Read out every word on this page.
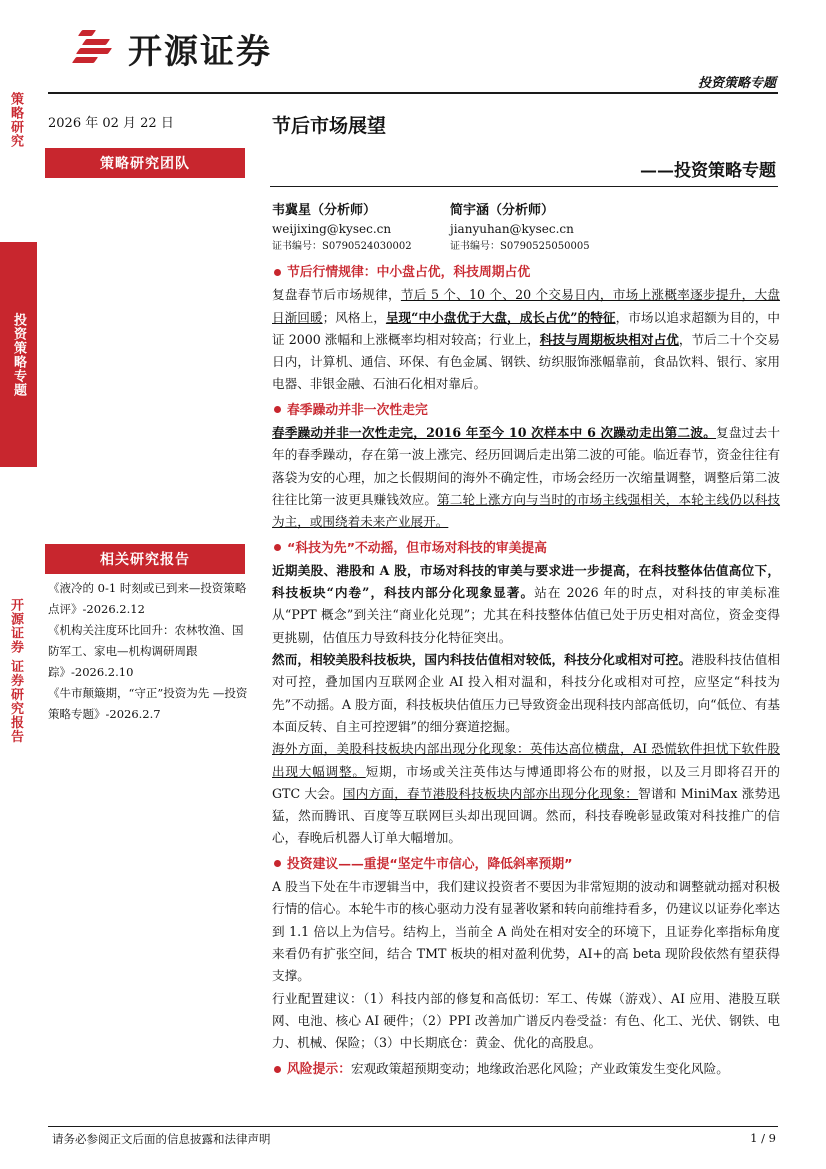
开源证券
投资策略专题
策略研究
投资策略专题
开源证券 证券研究报告
2026 年 02 月 22 日
策略研究团队
相关研究报告
《液冷的 0-1 时刻或已到来—投资策略点评》-2026.2.12
《机构关注度环比回升：农林牧渔、国防军工、家电—机构调研周跟踪》-2026.2.10
《牛市颠簸期，“守正”投资为先 —投资策略专题》-2026.2.7
节后市场展望
——投资策略专题
韦冀星（分析师）
weijixing@kysec.cn
证书编号：S0790524030002
简宇涵（分析师）
jianyuhan@kysec.cn
证书编号：S0790525050005
节后行情规律：中小盘占优，科技周期占优
复盘春节后市场规律，节后 5 个、10 个、20 个交易日内，市场上涨概率逐步提升，大盘日渐回暖；风格上，呈现“中小盘优于大盘，成长占优”的特征，市场以追求超额为目的，中证 2000 涨幅和上涨概率均相对较高；行业上，科技与周期板块相对占优，节后二十个交易日内，计算机、通信、环保、有色金属、钢铁、纺织服饰涨幅靠前，食品饮料、银行、家用电器、非银金融、石油石化相对靠后。
春季躁动并非一次性走完
春季躁动并非一次性走完，2016 年至今 10 次样本中 6 次躁动走出第二波。复盘过去十年的春季躁动，存在第一波上涨完、经历回调后走出第二波的可能。临近春节，资金往往有落袋为安的心理，加之长假期间的海外不确定性，市场会经历一次缩量调整，调整后第二波往往比第一波更具赚钱效应。第二轮上涨方向与当时的市场主线强相关，本轮主线仍以科技为主，或围绕着未来产业展开。
“科技为先”不动摇，但市场对科技的审美提高
近期美股、港股和 A 股，市场对科技的审美与要求进一步提高，在科技整体估值高位下，科技板块“内卷”，科技内部分化现象显著。站在 2026 年的时点，对科技的审美标准从“PPT 概念”到关注“商业化兑现”；尤其在科技整体估值已处于历史相对高位，资金变得更挑剔，估值压力导致科技分化特征突出。
然而，相较美股科技板块，国内科技估值相对较低，科技分化或相对可控。港股科技估值相对可控，叠加国内互联网企业 AI 投入相对温和，科技分化或相对可控，应坚定“科技为先”不动摇。A 股方面，科技板块估值压力已导致资金出现科技内部高低切，向“低位、有基本面反转、自主可控逻辑”的细分赛道挖掘。
海外方面，美股科技板块内部出现分化现象：英伟达高位横盘，AI 恐慌软件担忧下软件股出现大幅调整。短期，市场或关注英伟达与博通即将公布的财报，以及三月即将召开的 GTC 大会。国内方面，春节港股科技板块内部亦出现分化现象：智谱和 MiniMax 涨势迅猛，然而腾讯、百度等互联网巨头却出现回调。然而，科技春晚彰显政策对科技推广的信心，春晚后机器人订单大幅增加。
投资建议——重提“坚定牛市信心，降低斜率预期”
A 股当下处在牛市逻辑当中，我们建议投资者不要因为非常短期的波动和调整就动摇对积极行情的信心。本轮牛市的核心驱动力没有显著收紧和转向前维持看多，仍建议以证券化率达到 1.1 倍以上为信号。结构上，当前全 A 尚处在相对安全的环境下，且证券化率指标角度来看仍有扩张空间，结合 TMT 板块的相对盈利优势，AI+的高 beta 现阶段依然有望获得支撑。
行业配置建议：（1）科技内部的修复和高低切：军工、传媒（游戏）、AI 应用、港股互联网、电池、核心 AI 硬件；（2）PPI 改善加广谱反内卷受益：有色、化工、光伏、钢铁、电力、机械、保险；（3）中长期底仓：黄金、优化的高股息。
风险提示：宏观政策超预期变动；地缘政治恶化风险；产业政策发生变化风险。
请务必参阅正文后面的信息披露和法律声明	1 / 9
